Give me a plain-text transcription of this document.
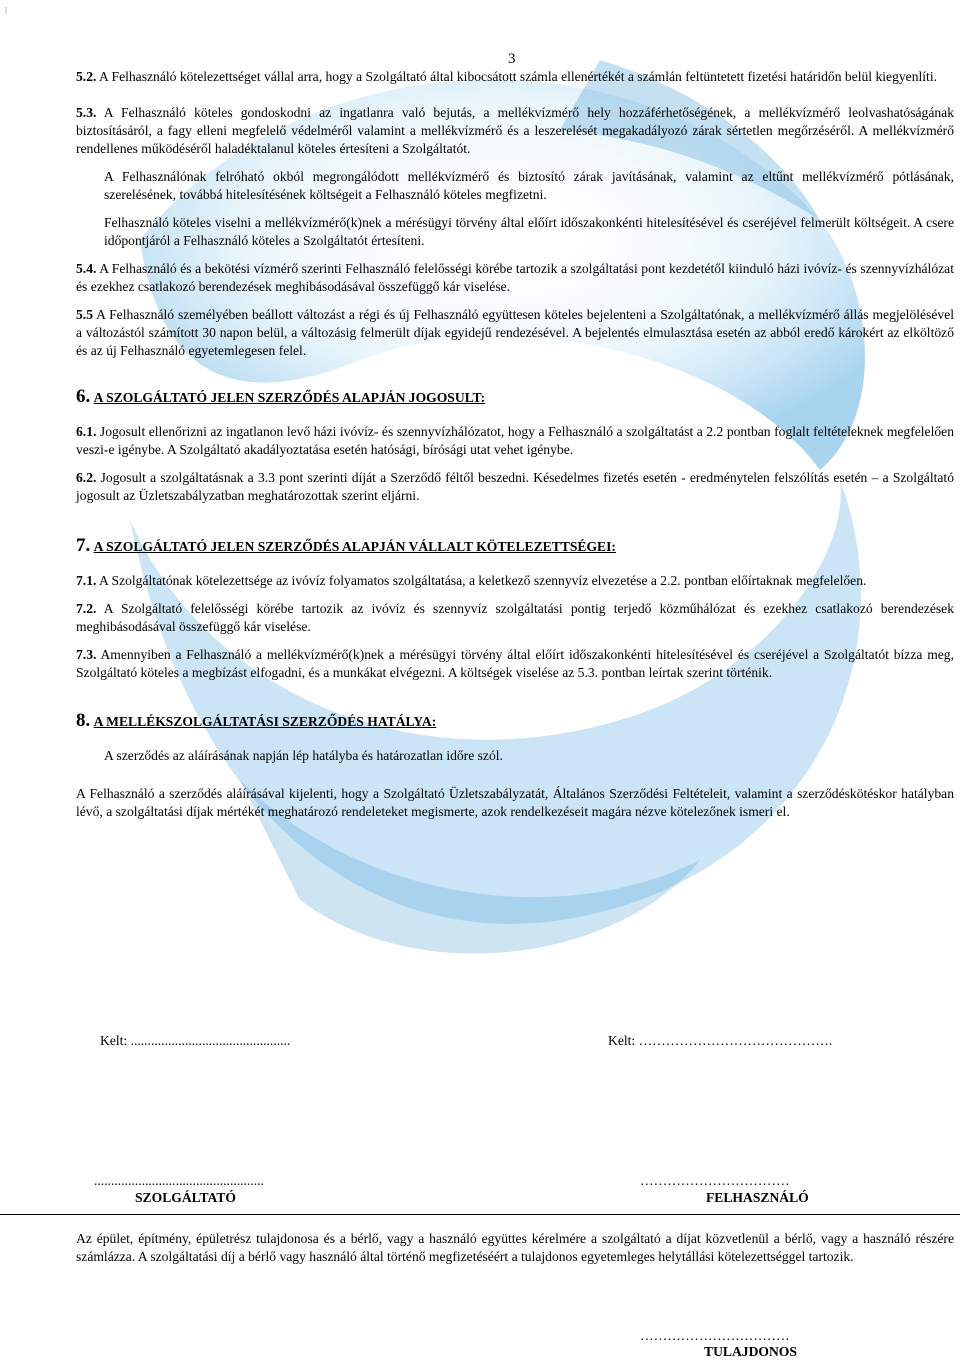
I
3

5.2. A Felhasználó kötelezettséget vállal arra, hogy a Szolgáltató által kibocsátott számla ellenértékét a számlán feltüntetett fizetési határidőn belül kiegyenlíti.

5.3. A Felhasználó köteles gondoskodni az ingatlanra való bejutás, a mellékvízmérő hely hozzáférhetőségének, a mellékvízmérő leolvashatóságának biztosításáról, a fagy elleni megfelelő védelméről valamint a mellékvízmérő és a leszerelését megakadályozó zárak sértetlen megőrzéséről. A mellékvízmérő rendellenes működéséről haladéktalanul köteles értesíteni a Szolgáltatót.

A Felhasználónak felróható okból megrongálódott mellékvízmérő és biztosító zárak javításának, valamint az eltűnt mellékvízmérő pótlásának, szerelésének, továbbá hitelesítésének költségeit a Felhasználó köteles megfizetni.

Felhasználó köteles viselni a mellékvízmérő(k)nek a mérésügyi törvény által előírt időszakonkénti hitelesítésével és cseréjével felmerült költségeit. A csere időpontjáról a Felhasználó köteles a Szolgáltatót értesíteni.

5.4. A Felhasználó és a bekötési vízmérő szerinti Felhasználó felelősségi körébe tartozik a szolgáltatási pont kezdetétől kiinduló házi ivóvíz- és szennyvízhálózat és ezekhez csatlakozó berendezések meghibásodásával összefüggő kár viselése.

5.5 A Felhasználó személyében beállott változást a régi és új Felhasználó együttesen köteles bejelenteni a Szolgáltatónak, a mellékvízmérő állás megjelölésével a változástól számított 30 napon belül, a változásig felmerült díjak egyidejű rendezésével. A bejelentés elmulasztása esetén az abból eredő károkért az elköltöző és az új Felhasználó egyetemlegesen felel.

6. A SZOLGÁLTATÓ JELEN SZERZŐDÉS ALAPJÁN JOGOSULT:

6.1. Jogosult ellenőrizni az ingatlanon levő házi ivóvíz- és szennyvízhálózatot, hogy a Felhasználó a szolgáltatást a 2.2 pontban foglalt feltételeknek megfelelően veszi-e igénybe. A Szolgáltató akadályoztatása esetén hatósági, bírósági utat vehet igénybe.

6.2. Jogosult a szolgáltatásnak a 3.3 pont szerinti díját a Szerződő féltől beszedni. Késedelmes fizetés esetén - eredménytelen felszólítás esetén – a Szolgáltató jogosult az Üzletszabályzatban meghatározottak szerint eljárni.

7. A SZOLGÁLTATÓ JELEN SZERZŐDÉS ALAPJÁN VÁLLALT KÖTELEZETTSÉGEI:

7.1. A Szolgáltatónak kötelezettsége az ivóvíz folyamatos szolgáltatása, a keletkező szennyvíz elvezetése a 2.2. pontban előírtaknak megfelelően.

7.2. A Szolgáltató felelősségi körébe tartozik az ivóvíz és szennyvíz szolgáltatási pontig terjedő közműhálózat és ezekhez csatlakozó berendezések meghibásodásával összefüggő kár viselése.

7.3. Amennyiben a Felhasználó a mellékvízmérő(k)nek a mérésügyi törvény által előírt időszakonkénti hitelesítésével és cseréjével a Szolgáltatót bízza meg, Szolgáltató köteles a megbízást elfogadni, és a munkákat elvégezni. A költségek viselése az 5.3. pontban leírtak szerint történik.

8. A MELLÉKSZOLGÁLTATÁSI SZERZŐDÉS HATÁLYA:

A szerződés az aláírásának napján lép hatályba és határozatlan időre szól.

A Felhasználó a szerződés aláírásával kijelenti, hogy a Szolgáltató Üzletszabályzatát, Általános Szerződési Feltételeit, valamint a szerződéskötéskor hatályban lévő, a szolgáltatási díjak mértékét meghatározó rendeleteket megismerte, azok rendelkezéseit magára nézve kötelezőnek ismeri el.

Kelt: ...............................................	Kelt: …………………………………….

..................................................	……………………………

SZOLGÁLTATÓ	FELHASZNÁLÓ

Az épület, építmény, épületrész tulajdonosa és a bérlő, vagy a használó együttes kérelmére a szolgáltató a díjat közvetlenül a bérlő, vagy a használó részére számlázza. A szolgáltatási díj a bérlő vagy használó által történő megfizetéséért a tulajdonos egyetemleges helytállási kötelezettséggel tartozik.

……………………………

TULAJDONOS
